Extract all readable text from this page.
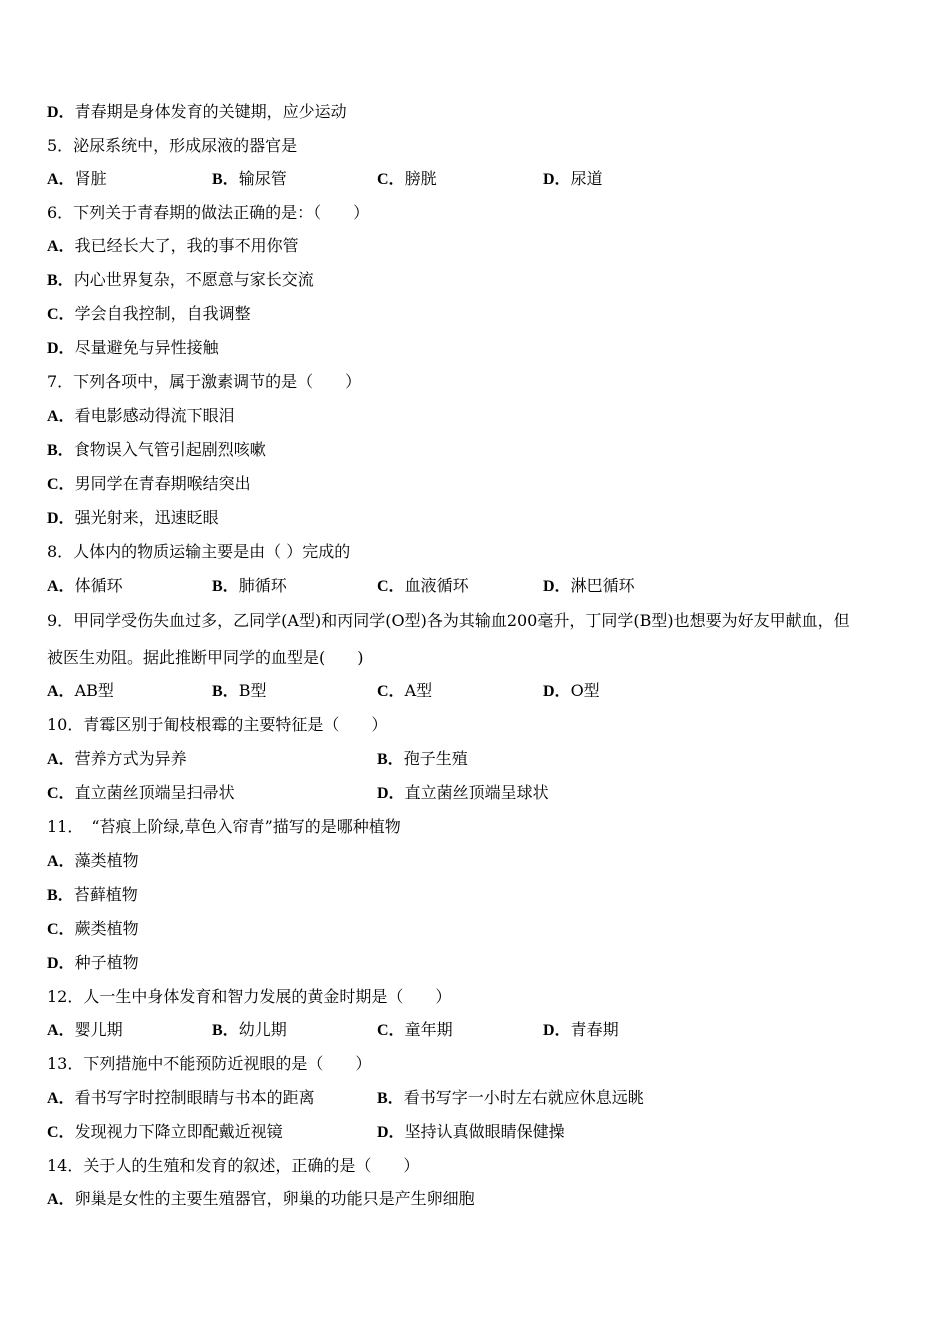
D．青春期是身体发育的关键期，应少运动
5．泌尿系统中，形成尿液的器官是
A．肾脏	B．输尿管	C．膀胱	D．尿道
6．下列关于青春期的做法正确的是：（　　）
A．我已经长大了，我的事不用你管
B．内心世界复杂，不愿意与家长交流
C．学会自我控制，自我调整
D．尽量避免与异性接触
7．下列各项中，属于激素调节的是（　　）
A．看电影感动得流下眼泪
B．食物误入气管引起剧烈咳嗽
C．男同学在青春期喉结突出
D．强光射来，迅速眨眼
8．人体内的物质运输主要是由（ ）完成的
A．体循环	B．肺循环	C．血液循环	D．淋巴循环
9．甲同学受伤失血过多，乙同学(A型)和丙同学(O型)各为其输血200毫升，丁同学(B型)也想要为好友甲献血，但
被医生劝阻。据此推断甲同学的血型是(　　)
A．AB型	B．B型	C．A型	D．O型
10．青霉区别于匍枝根霉的主要特征是（　　）
A．营养方式为异养	B．孢子生殖
C．直立菌丝顶端呈扫帚状	D．直立菌丝顶端呈球状
11．　“苔痕上阶绿,草色入帘青”描写的是哪种植物
A．藻类植物
B．苔藓植物
C．蕨类植物
D．种子植物
12．人一生中身体发育和智力发展的黄金时期是（　　）
A．婴儿期	B．幼儿期	C．童年期	D．青春期
13．下列措施中不能预防近视眼的是（　　）
A．看书写字时控制眼睛与书本的距离	B．看书写字一小时左右就应休息远眺
C．发现视力下降立即配戴近视镜	D．坚持认真做眼睛保健操
14．关于人的生殖和发育的叙述，正确的是（　　）
A．卵巢是女性的主要生殖器官，卵巢的功能只是产生卵细胞
